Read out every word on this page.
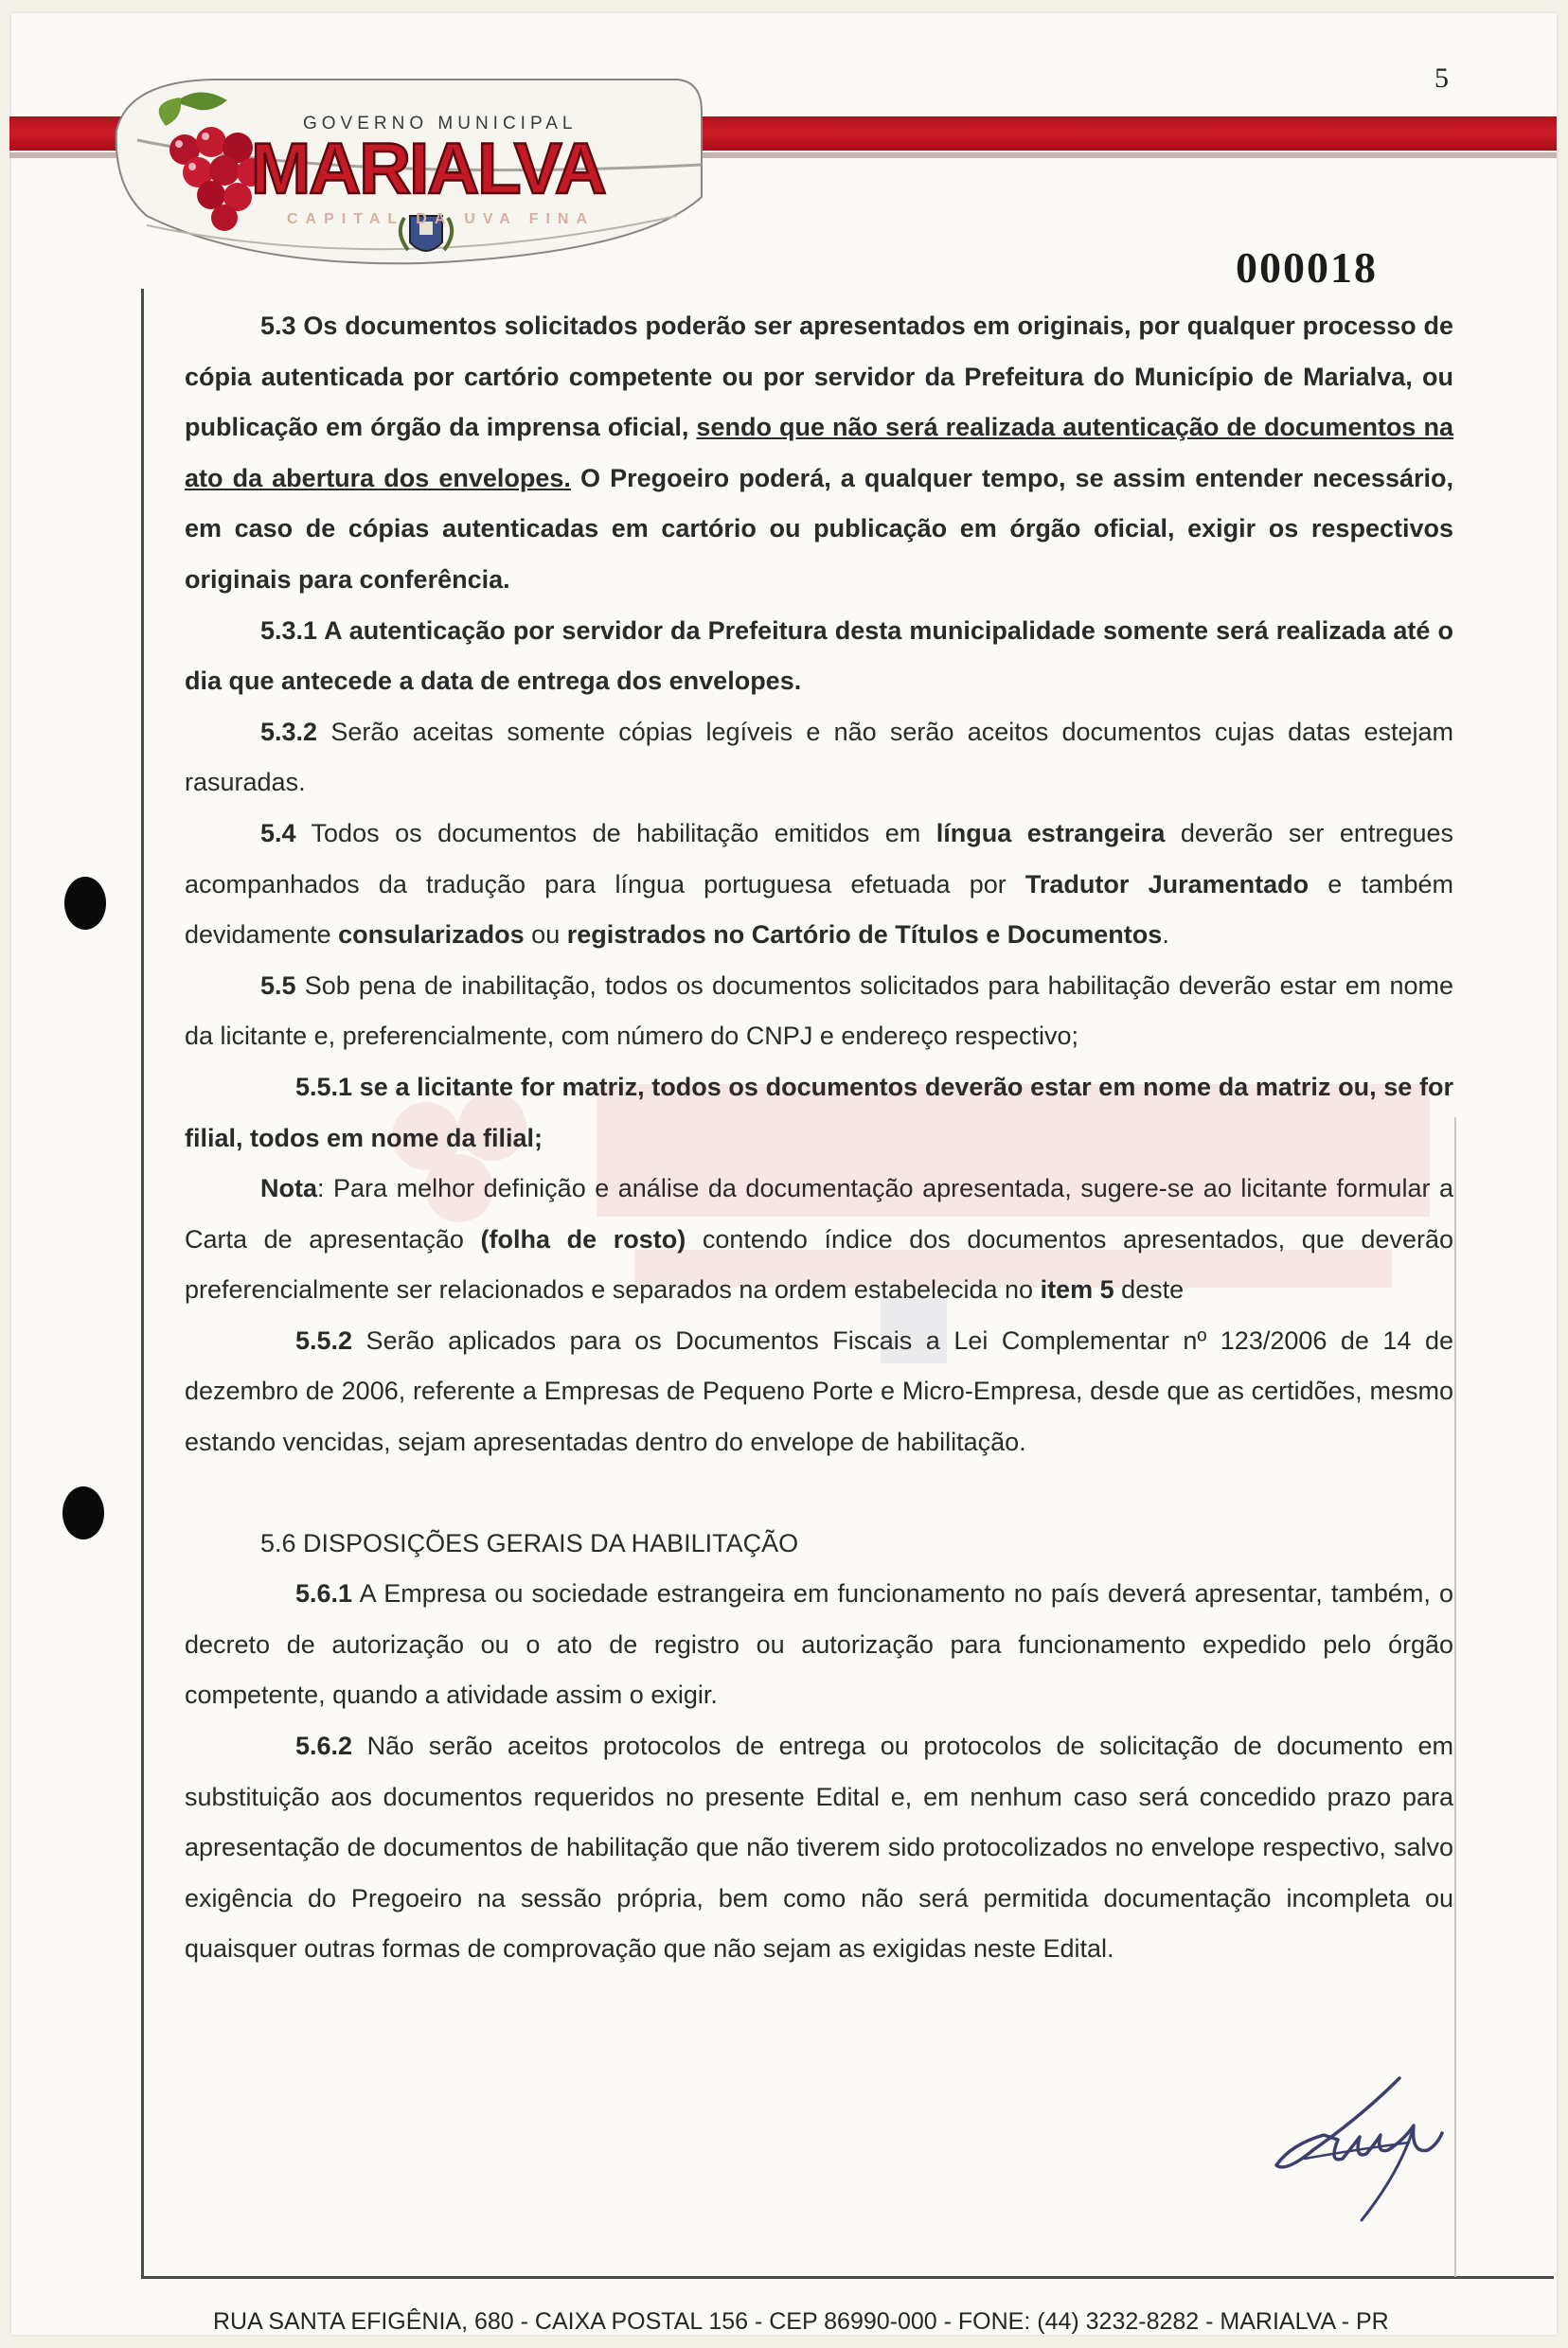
5
GOVERNO MUNICIPAL
MARIALVA
CAPITAL DA UVA FINA
000018

5.3 Os documentos solicitados poderão ser apresentados em originais, por qualquer processo de cópia autenticada por cartório competente ou por servidor da Prefeitura do Município de Marialva, ou publicação em órgão da imprensa oficial, sendo que não será realizada autenticação de documentos na ato da abertura dos envelopes. O Pregoeiro poderá, a qualquer tempo, se assim entender necessário, em caso de cópias autenticadas em cartório ou publicação em órgão oficial, exigir os respectivos originais para conferência.

5.3.1 A autenticação por servidor da Prefeitura desta municipalidade somente será realizada até o dia que antecede a data de entrega dos envelopes.

5.3.2 Serão aceitas somente cópias legíveis e não serão aceitos documentos cujas datas estejam rasuradas.

5.4 Todos os documentos de habilitação emitidos em língua estrangeira deverão ser entregues acompanhados da tradução para língua portuguesa efetuada por Tradutor Juramentado e também devidamente consularizados ou registrados no Cartório de Títulos e Documentos.

5.5 Sob pena de inabilitação, todos os documentos solicitados para habilitação deverão estar em nome da licitante e, preferencialmente, com número do CNPJ e endereço respectivo;

5.5.1 se a licitante for matriz, todos os documentos deverão estar em nome da matriz ou, se for filial, todos em nome da filial;

Nota: Para melhor definição e análise da documentação apresentada, sugere-se ao licitante formular a Carta de apresentação (folha de rosto) contendo índice dos documentos apresentados, que deverão preferencialmente ser relacionados e separados na ordem estabelecida no item 5 deste

5.5.2 Serão aplicados para os Documentos Fiscais a Lei Complementar nº 123/2006 de 14 de dezembro de 2006, referente a Empresas de Pequeno Porte e Micro-Empresa, desde que as certidões, mesmo estando vencidas, sejam apresentadas dentro do envelope de habilitação.

5.6 DISPOSIÇÕES GERAIS DA HABILITAÇÃO

5.6.1 A Empresa ou sociedade estrangeira em funcionamento no país deverá apresentar, também, o decreto de autorização ou o ato de registro ou autorização para funcionamento expedido pelo órgão competente, quando a atividade assim o exigir.

5.6.2 Não serão aceitos protocolos de entrega ou protocolos de solicitação de documento em substituição aos documentos requeridos no presente Edital e, em nenhum caso será concedido prazo para apresentação de documentos de habilitação que não tiverem sido protocolizados no envelope respectivo, salvo exigência do Pregoeiro na sessão própria, bem como não será permitida documentação incompleta ou quaisquer outras formas de comprovação que não sejam as exigidas neste Edital.

RUA SANTA EFIGÊNIA, 680 - CAIXA POSTAL 156 - CEP 86990-000 - FONE: (44) 3232-8282 - MARIALVA - PR
